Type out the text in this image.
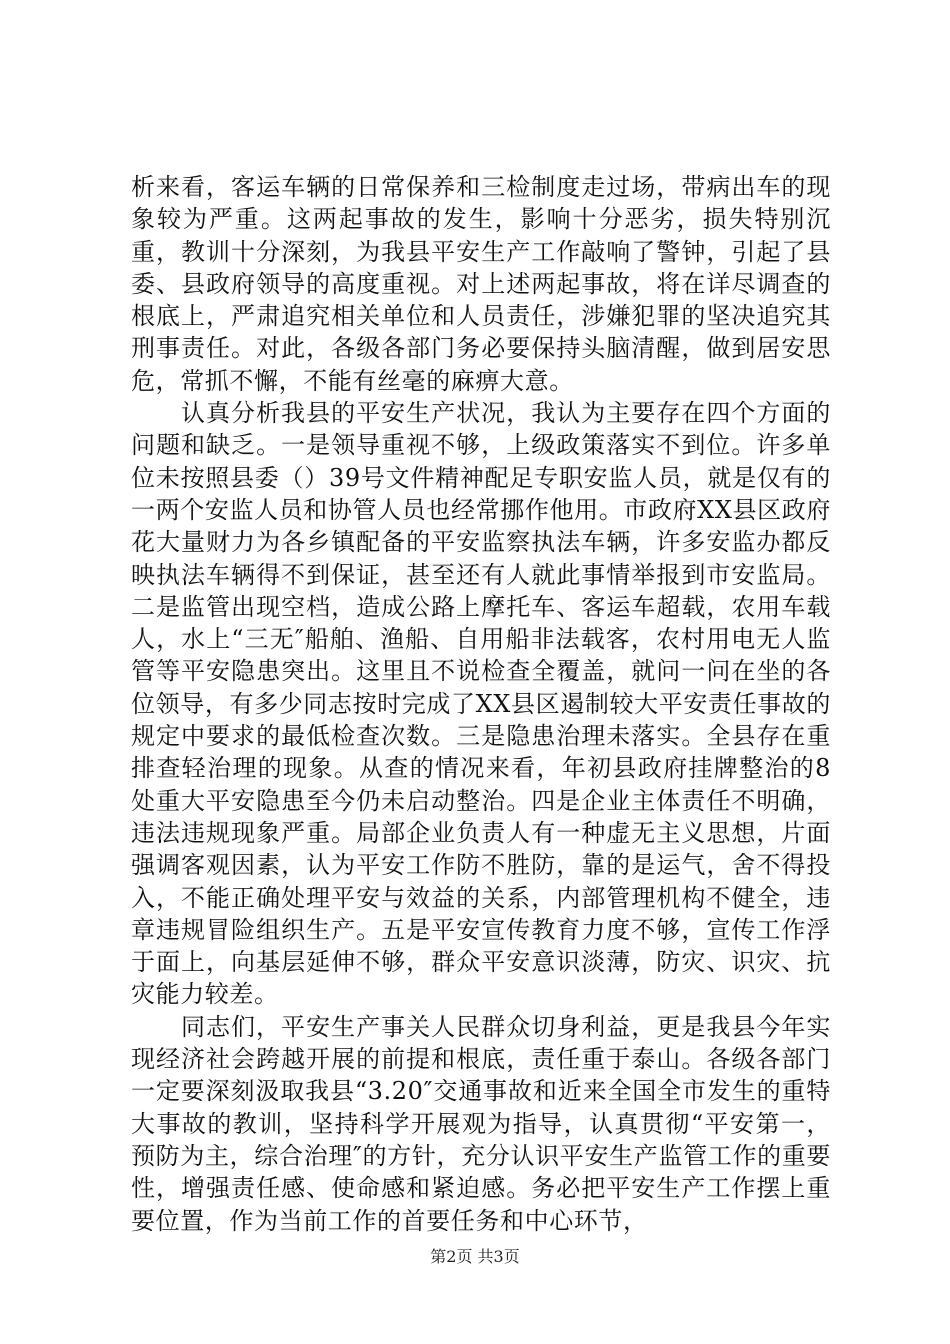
析来看，客运车辆的日常保养和三检制度走过场，带病出车的现象较为严重。这两起事故的发生，影响十分恶劣，损失特别沉重，教训十分深刻，为我县平安生产工作敲响了警钟，引起了县委、县政府领导的高度重视。对上述两起事故，将在详尽调查的根底上，严肃追究相关单位和人员责任，涉嫌犯罪的坚决追究其刑事责任。对此，各级各部门务必要保持头脑清醒，做到居安思危，常抓不懈，不能有丝毫的麻痹大意。

认真分析我县的平安生产状况，我认为主要存在四个方面的问题和缺乏。一是领导重视不够，上级政策落实不到位。许多单位未按照县委（）39号文件精神配足专职安监人员，就是仅有的一两个安监人员和协管人员也经常挪作他用。市政府XX县区政府花大量财力为各乡镇配备的平安监察执法车辆，许多安监办都反映执法车辆得不到保证，甚至还有人就此事情举报到市安监局。二是监管出现空档，造成公路上摩托车、客运车超载，农用车载人，水上“三无″船舶、渔船、自用船非法载客，农村用电无人监管等平安隐患突出。这里且不说检查全覆盖，就问一问在坐的各位领导，有多少同志按时完成了XX县区遏制较大平安责任事故的规定中要求的最低检查次数。三是隐患治理未落实。全县存在重排查轻治理的现象。从查的情况来看，年初县政府挂牌整治的8处重大平安隐患至今仍未启动整治。四是企业主体责任不明确，违法违规现象严重。局部企业负责人有一种虚无主义思想，片面强调客观因素，认为平安工作防不胜防，靠的是运气，舍不得投入，不能正确处理平安与效益的关系，内部管理机构不健全，违章违规冒险组织生产。五是平安宣传教育力度不够，宣传工作浮于面上，向基层延伸不够，群众平安意识淡薄，防灾、识灾、抗灾能力较差。

同志们，平安生产事关人民群众切身利益，更是我县今年实现经济社会跨越开展的前提和根底，责任重于泰山。各级各部门一定要深刻汲取我县“3.20″交通事故和近来全国全市发生的重特大事故的教训，坚持科学开展观为指导，认真贯彻“平安第一，预防为主，综合治理″的方针，充分认识平安生产监管工作的重要性，增强责任感、使命感和紧迫感。务必把平安生产工作摆上重要位置，作为当前工作的首要任务和中心环节，

第2页 共3页
